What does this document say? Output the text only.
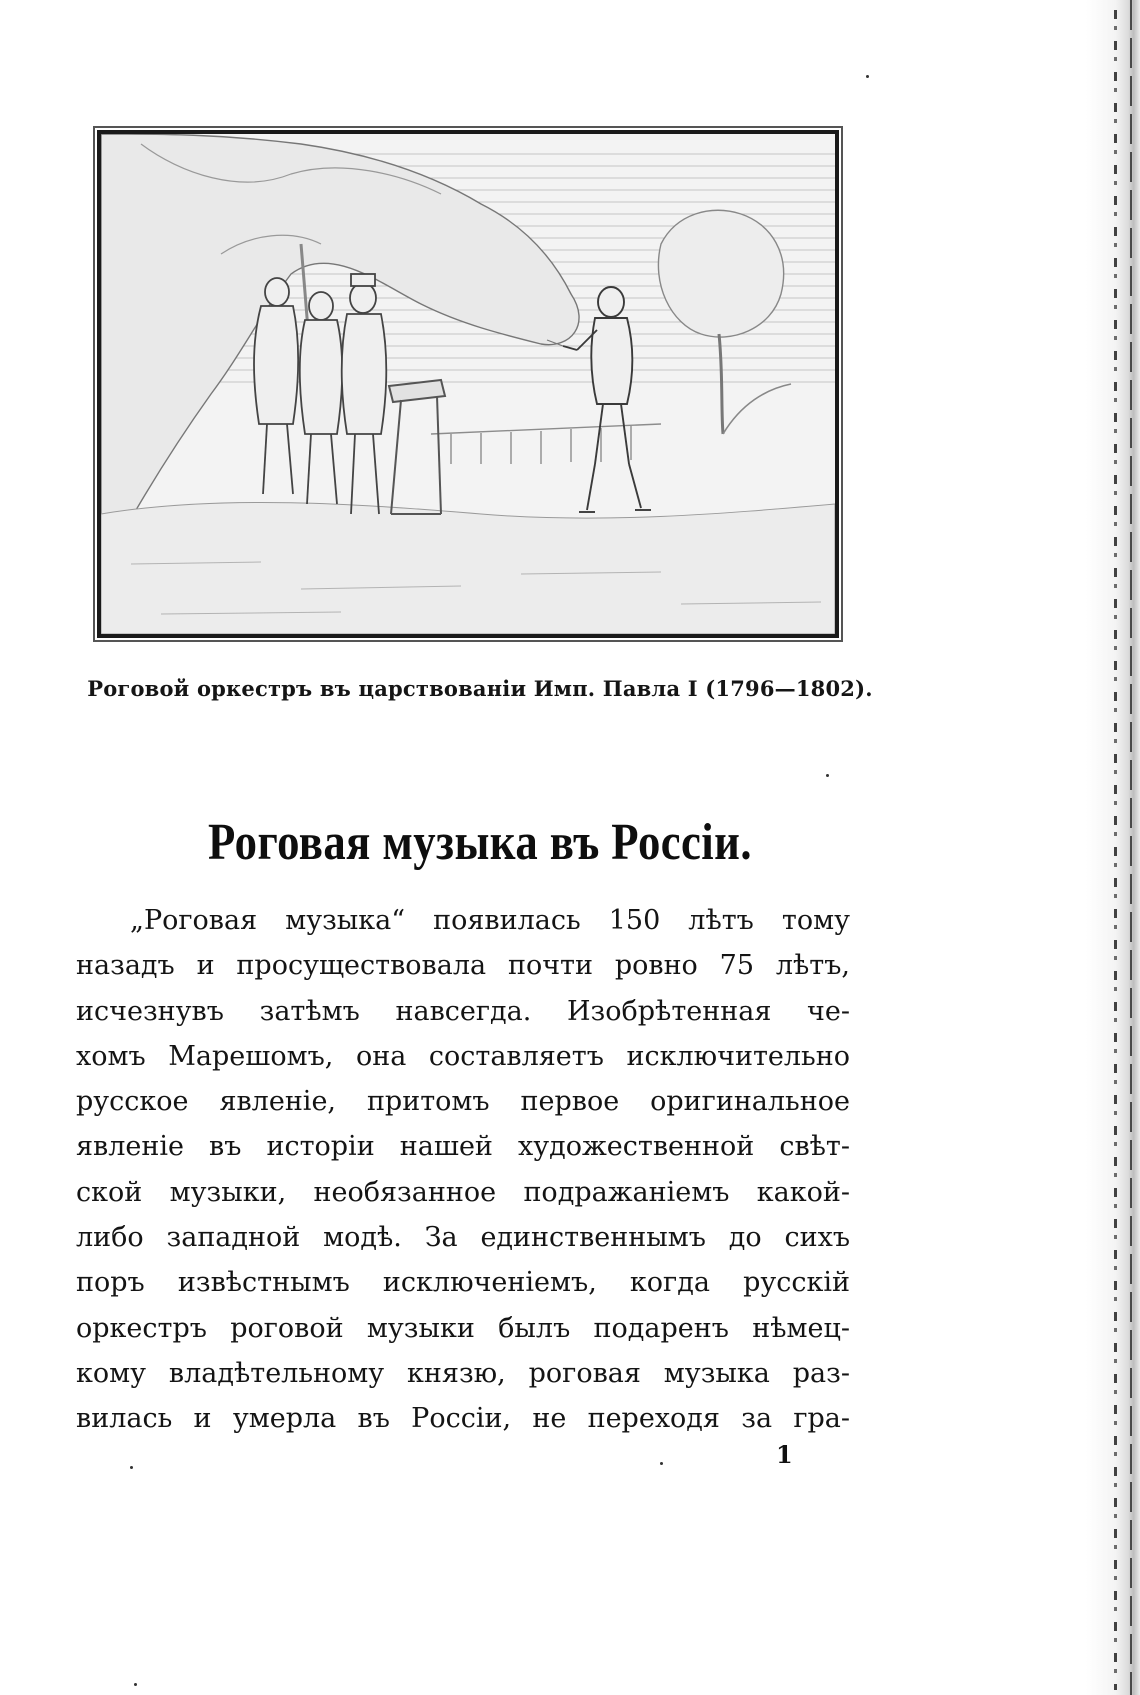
Роговой оркестръ въ царствованіи Имп. Павла I (1796—1802).
Роговая музыка въ Россіи.
„Роговая музыка“ появилась 150 лѣтъ тому
назадъ и просуществовала почти ровно 75 лѣтъ,
исчезнувъ затѣмъ навсегда. Изобрѣтенная че-
хомъ Марешомъ, она составляетъ исключительно
русское явленіе, притомъ первое оригинальное
явленіе въ исторіи нашей художественной свѣт-
ской музыки, необязанное подражаніемъ какой-
либо западной модѣ. За единственнымъ до сихъ
поръ извѣстнымъ исключеніемъ, когда русскій
оркестръ роговой музыки былъ подаренъ нѣмец-
кому владѣтельному князю, роговая музыка раз-
вилась и умерла въ Россіи, не переходя за гра-
1
